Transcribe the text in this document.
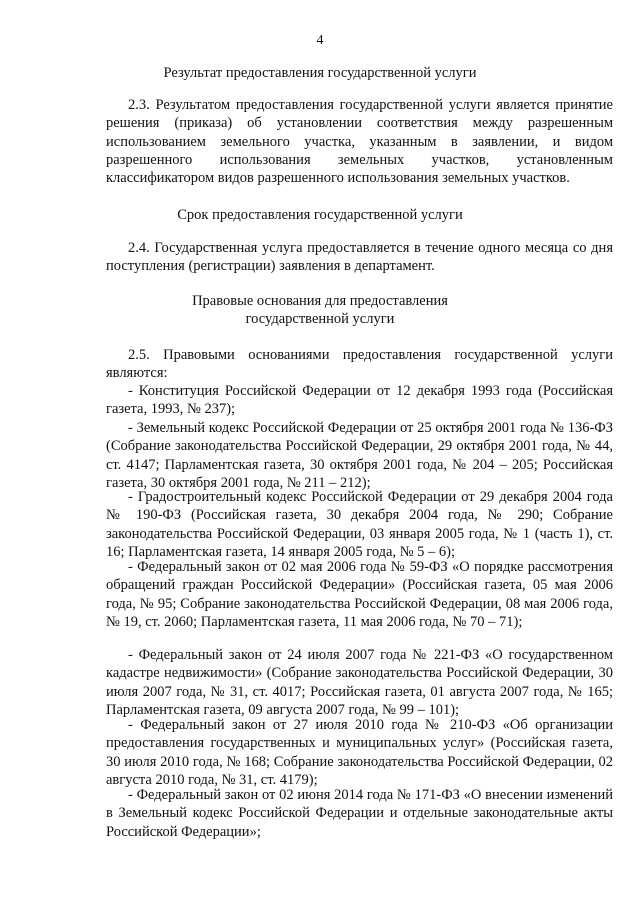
4
Результат предоставления государственной услуги

2.3. Результатом предоставления государственной услуги является принятие решения (приказа) об установлении соответствия между разрешенным использованием земельного участка, указанным в заявлении, и видом разрешенного использования земельных участков, установленным классификатором видов разрешенного использования земельных участков.

Срок предоставления государственной услуги

2.4. Государственная услуга предоставляется в течение одного месяца со дня поступления (регистрации) заявления в департамент.

Правовые основания для предоставления
государственной услуги

2.5. Правовыми основаниями предоставления государственной услуги являются:

- Конституция Российской Федерации от 12 декабря 1993 года (Российская газета, 1993, № 237);

- Земельный кодекс Российской Федерации от 25 октября 2001 года № 136-ФЗ (Собрание законодательства Российской Федерации, 29 октября 2001 года, № 44, ст. 4147; Парламентская газета, 30 октября 2001 года, № 204 – 205; Российская газета, 30 октября 2001 года, № 211 – 212);

- Градостроительный кодекс Российской Федерации от 29 декабря 2004 года № 190-ФЗ (Российская газета, 30 декабря 2004 года, № 290; Собрание законодательства Российской Федерации, 03 января 2005 года, № 1 (часть 1), ст. 16; Парламентская газета, 14 января 2005 года, № 5 – 6);

- Федеральный закон от 02 мая 2006 года № 59-ФЗ «О порядке рассмотрения обращений граждан Российской Федерации» (Российская газета, 05 мая 2006 года, № 95; Собрание законодательства Российской Федерации, 08 мая 2006 года, № 19, ст. 2060; Парламентская газета, 11 мая 2006 года, № 70 – 71);

- Федеральный закон от 24 июля 2007 года № 221-ФЗ «О государственном кадастре недвижимости» (Собрание законодательства Российской Федерации, 30 июля 2007 года, № 31, ст. 4017; Российская газета, 01 августа 2007 года, № 165; Парламентская газета, 09 августа 2007 года, № 99 – 101);

- Федеральный закон от 27 июля 2010 года № 210-ФЗ «Об организации предоставления государственных и муниципальных услуг» (Российская газета, 30 июля 2010 года, № 168; Собрание законодательства Российской Федерации, 02 августа 2010 года, № 31, ст. 4179);

- Федеральный закон от 02 июня 2014 года № 171-ФЗ «О внесении изменений в Земельный кодекс Российской Федерации и отдельные законодательные акты Российской Федерации»;
